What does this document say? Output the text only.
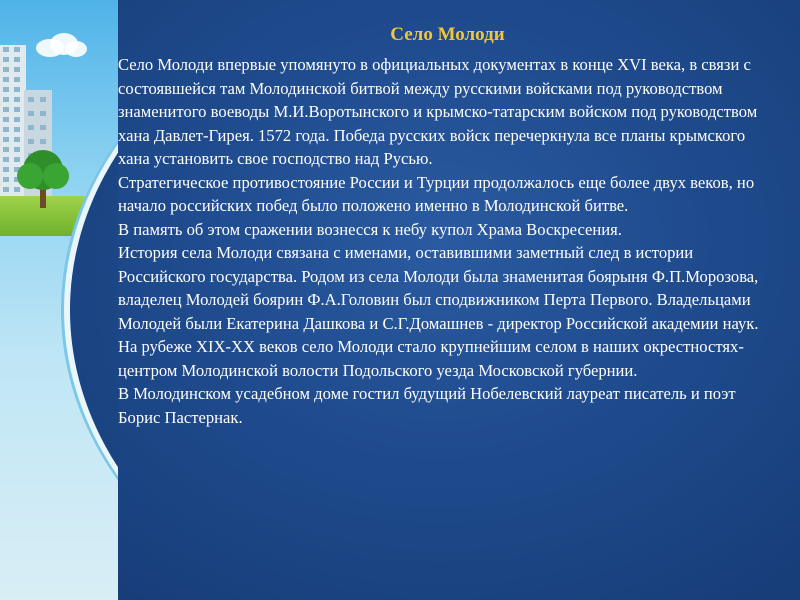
Село Молоди

Село Молоди впервые упомянуто в официальных документах в конце XVI века, в связи с состоявшейся там Молодинской битвой между русскими войсками под руководством знаменитого воеводы М.И.Воротынского и крымско-татарским войском под руководством хана Давлет-Гирея. 1572 года. Победа русских войск перечеркнула все планы крымского хана установить свое господство над Русью.

Стратегическое противостояние России и Турции продолжалось еще более двух веков, но начало российских побед было положено именно в Молодинской битве.

В память об этом сражении вознесся к небу купол Храма Воскресения.

История села Молоди связана с именами, оставившими заметный след в истории Российского государства. Родом из села Молоди была знаменитая боярыня Ф.П.Морозова, владелец Молодей боярин Ф.А.Головин был сподвижником Перта Первого. Владельцами Молодей были Екатерина Дашкова и С.Г.Домашнев - директор Российской академии наук.

На рубеже XIX-XX веков село Молоди стало крупнейшим селом в наших окрестностях- центром Молодинской волости Подольского уезда Московской губернии.

В Молодинском усадебном доме гостил будущий Нобелевский лауреат писатель и поэт Борис Пастернак.
